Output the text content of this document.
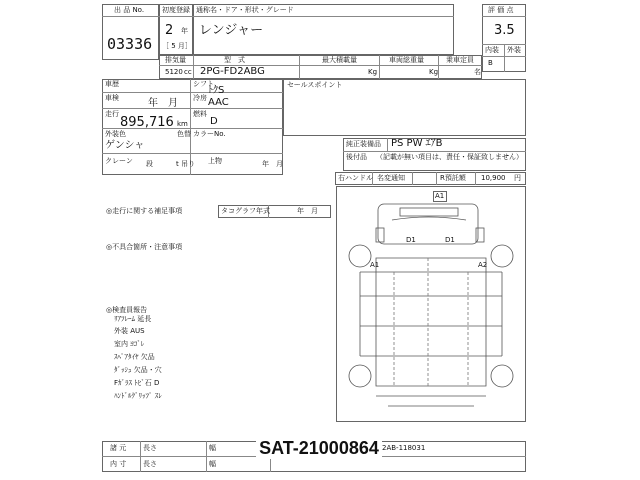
出 品 No.
03336
初度登録
2 年
［ 5 月］
通称名・ドア・形状・グレード
レンジャー
評 価 点
3.5
内装 外装
B
排気量
5120 cc
型　式
2PG-FD2ABG
最大積載量
Kg
車両総重量
Kg
乗車定員
名
車歴
車検	年　月
走行
895,716 km
外装色
ゲンシャ
色替 カラーNo.
クレーン 段	t 吊り 上物	年　月
シフト
ﾄｸS
冷房 AAC
燃料
D
セールスポイント
純正装備品 PS PW ｴｱB
後付品 （記載が無い項目は、責任・保証致しません）
右ハンドル 名変通知	R預託額 10,900 円
◎走行に関する補足事項	タコグラフ年式	年　月
◎不具合箇所・注意事項
◎検査員報告
ﾘｱﾌﾚｰﾑ 延長
外装 AUS
室内 ﾖｺﾞﾚ
ｽﾍﾟｱﾀｲﾔ 欠品
ﾀﾞｯｼｭ 欠品・穴
Fｶﾞﾗｽ ﾄﾋﾞ石 D
ﾊﾝﾄﾞﾙｸﾞﾘｯﾌﾟ ｽﾚ
A1
D1	D1
A1	A2
諸 元
内 寸
長さ	幅
長さ	幅
2AB-118031
SAT-21000864
